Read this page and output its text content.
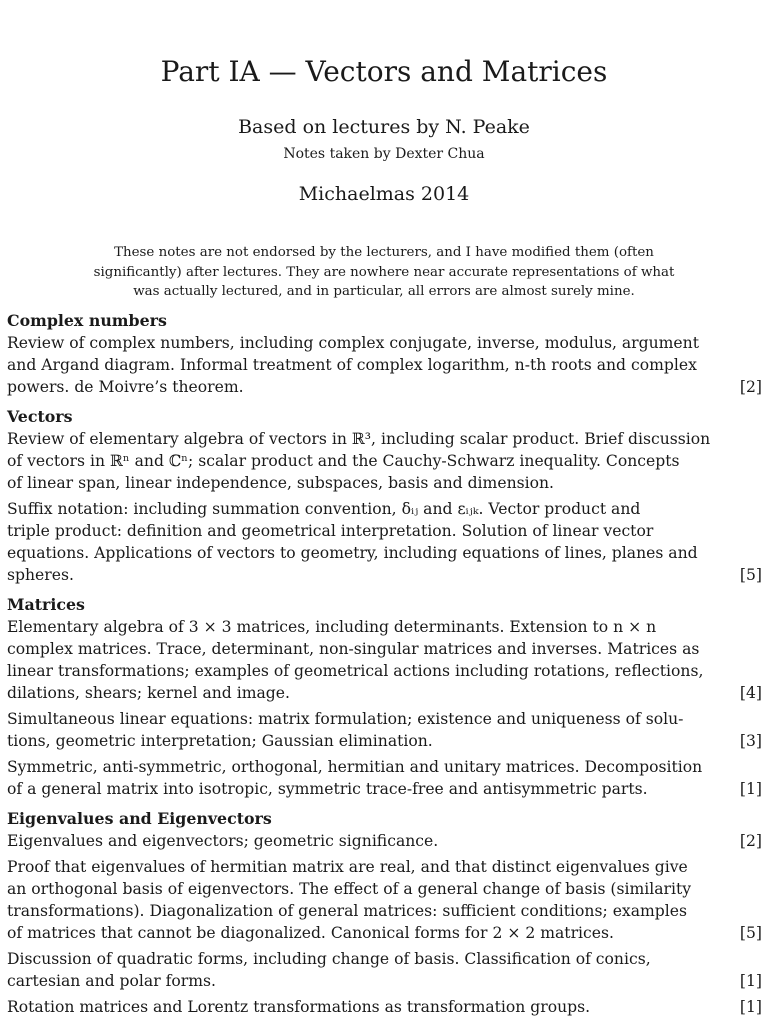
Part IA — Vectors and Matrices
Based on lectures by N. Peake
Notes taken by Dexter Chua
Michaelmas 2014
These notes are not endorsed by the lecturers, and I have modified them (often
significantly) after lectures. They are nowhere near accurate representations of what
was actually lectured, and in particular, all errors are almost surely mine.
Complex numbers
Review of complex numbers, including complex conjugate, inverse, modulus, argument
and Argand diagram. Informal treatment of complex logarithm, n-th roots and complex
powers. de Moivre’s theorem.	[2]
Vectors
Review of elementary algebra of vectors in ℝ³, including scalar product. Brief discussion
of vectors in ℝⁿ and ℂⁿ; scalar product and the Cauchy-Schwarz inequality. Concepts
of linear span, linear independence, subspaces, basis and dimension.
Suffix notation: including summation convention, δᵢⱼ and εᵢⱼₖ. Vector product and
triple product: definition and geometrical interpretation. Solution of linear vector
equations. Applications of vectors to geometry, including equations of lines, planes and
spheres.	[5]
Matrices
Elementary algebra of 3 × 3 matrices, including determinants. Extension to n × n
complex matrices. Trace, determinant, non-singular matrices and inverses. Matrices as
linear transformations; examples of geometrical actions including rotations, reflections,
dilations, shears; kernel and image.	[4]
Simultaneous linear equations: matrix formulation; existence and uniqueness of solu-
tions, geometric interpretation; Gaussian elimination.	[3]
Symmetric, anti-symmetric, orthogonal, hermitian and unitary matrices. Decomposition
of a general matrix into isotropic, symmetric trace-free and antisymmetric parts.	[1]
Eigenvalues and Eigenvectors
Eigenvalues and eigenvectors; geometric significance.	[2]
Proof that eigenvalues of hermitian matrix are real, and that distinct eigenvalues give
an orthogonal basis of eigenvectors. The effect of a general change of basis (similarity
transformations). Diagonalization of general matrices: sufficient conditions; examples
of matrices that cannot be diagonalized. Canonical forms for 2 × 2 matrices.	[5]
Discussion of quadratic forms, including change of basis. Classification of conics,
cartesian and polar forms.	[1]
Rotation matrices and Lorentz transformations as transformation groups.	[1]
